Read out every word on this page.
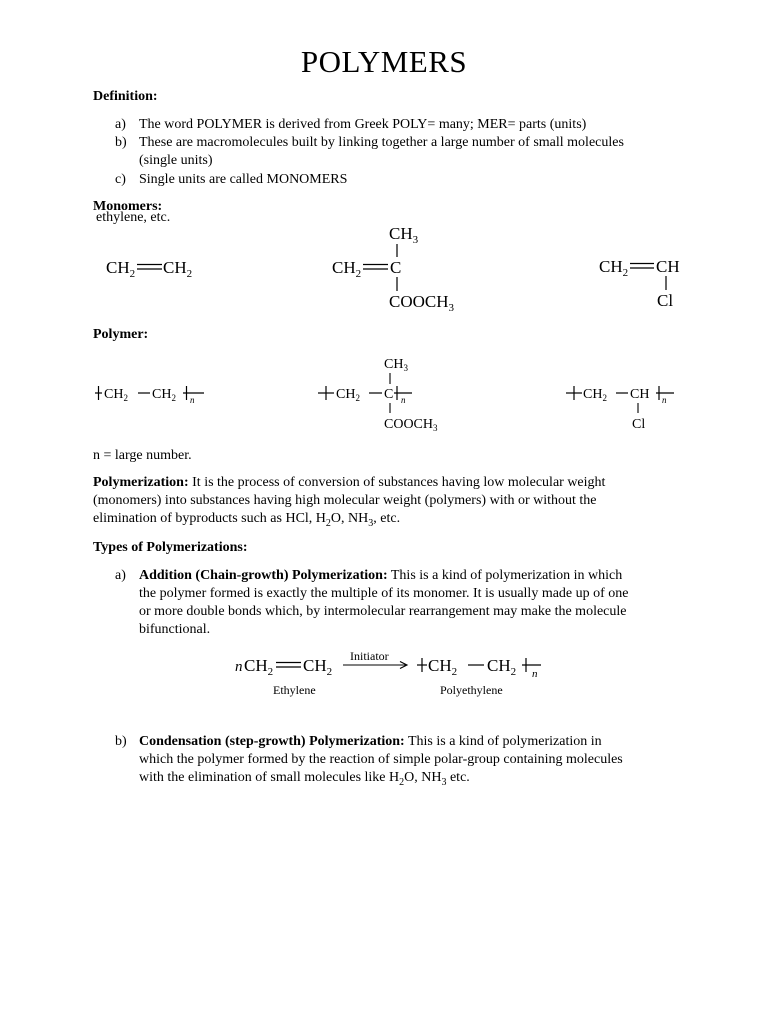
POLYMERS
Definition:
a) The word POLYMER is derived from Greek POLY= many; MER= parts (units)
b) These are macromolecules built by linking together a large number of small molecules
(single units)
c) Single units are called MONOMERS
Monomers:
ethylene, etc.
$CH_2$ $CH_2$
$CH_3$
$CH_2$ C
$COOCH_3$
$CH_2$ CH
Cl
Polymer:
$CH_2$ $CH_2$ n
$CH_3$
$CH_2$ C n
$COOCH_3$
$CH_2$ CH n
Cl
n = large number.
Polymerization: It is the process of conversion of substances having low molecular weight
(monomers) into substances having high molecular weight (polymers) with or without the
elimination of byproducts such as HCl, $H_2O$, $NH_3$, etc.
Types of Polymerizations:
a) Addition (Chain-growth) Polymerization: This is a kind of polymerization in which
the polymer formed is exactly the multiple of its monomer. It is usually made up of one
or more double bonds which, by intermolecular rearrangement may make the molecule
bifunctional.
n $CH_2$ $CH_2$
Initiator $CH_2$ $CH_2$ n
Ethylene	Polyethylene
b) Condensation (step-growth) Polymerization: This is a kind of polymerization in
which the polymer formed by the reaction of simple polar-group containing molecules
with the elimination of small molecules like $H_2O$, $NH_3$ etc.
